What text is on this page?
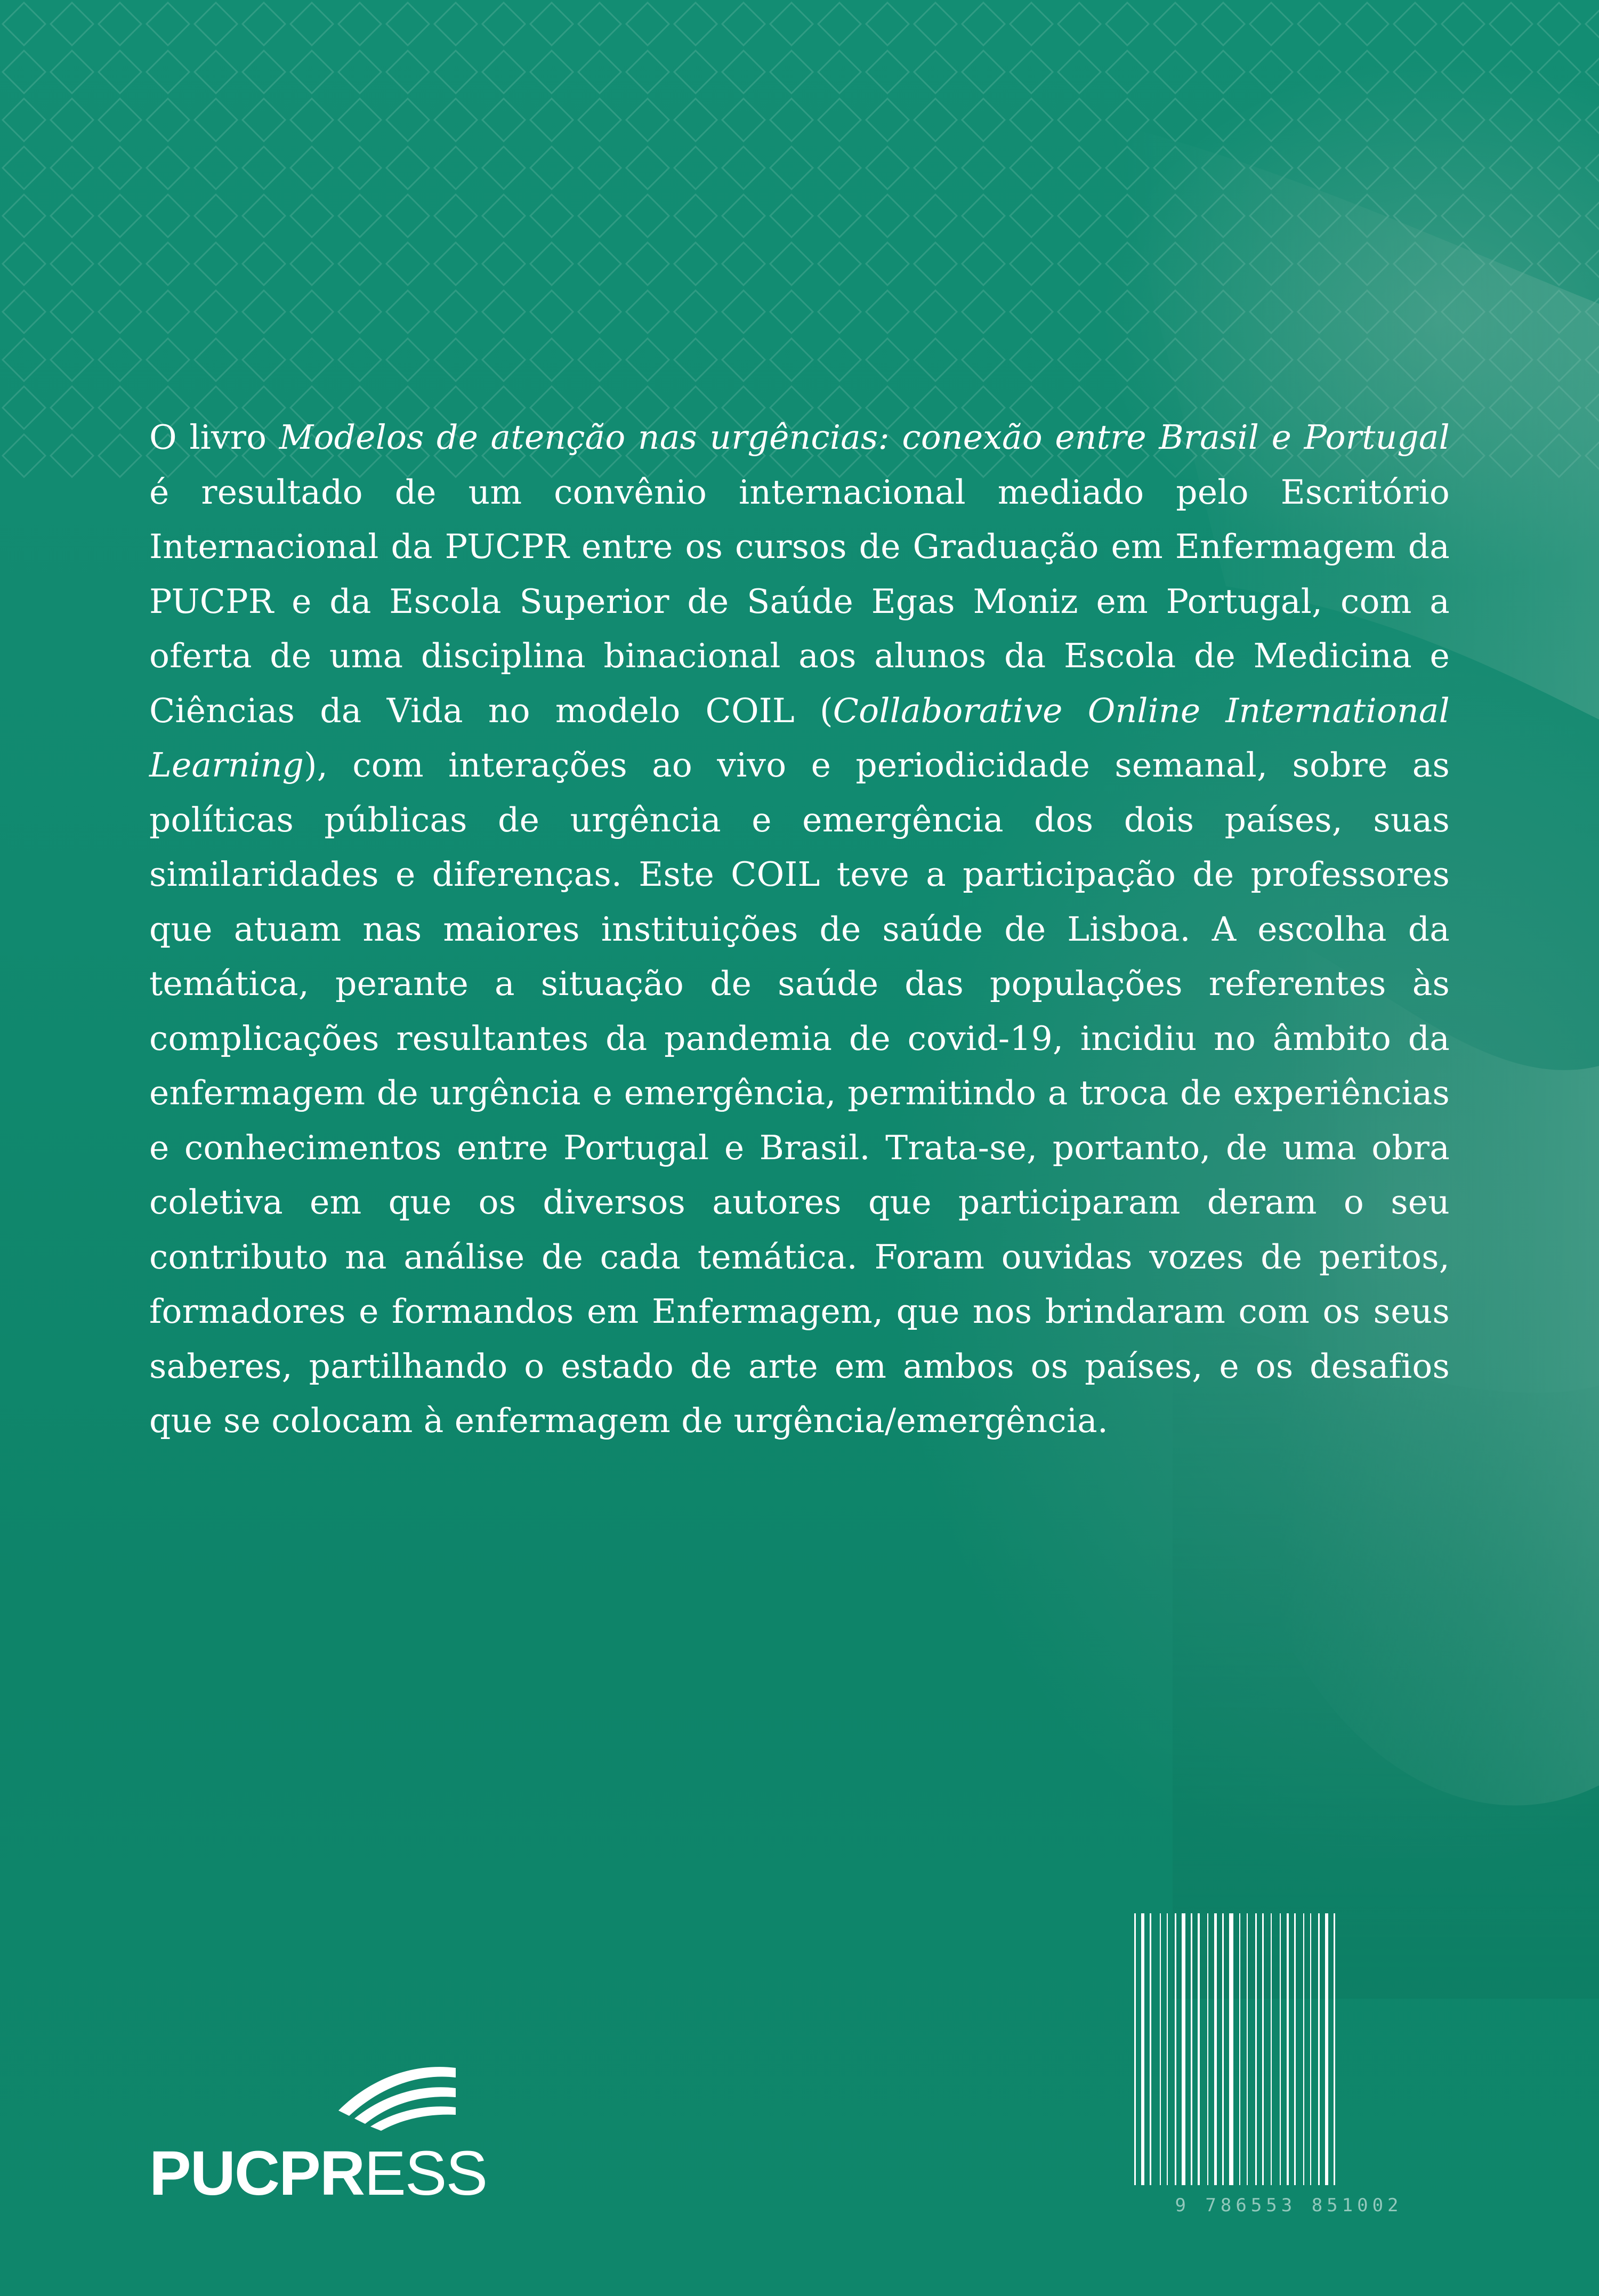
O livro Modelos de atenção nas urgências: conexão entre Brasil e Portugal é resultado de um convênio internacional mediado pelo Escritório Internacional da PUCPR entre os cursos de Graduação em Enfermagem da PUCPR e da Escola Superior de Saúde Egas Moniz em Portugal, com a oferta de uma disciplina binacional aos alunos da Escola de Medicina e Ciências da Vida no modelo COIL (Collaborative Online International Learning), com interações ao vivo e periodicidade semanal, sobre as políticas públicas de urgência e emergência dos dois países, suas similaridades e diferenças. Este COIL teve a participação de professores que atuam nas maiores instituições de saúde de Lisboa. A escolha da temática, perante a situação de saúde das populações referentes às complicações resultantes da pandemia de covid-19, incidiu no âmbito da enfermagem de urgência e emergência, permitindo a troca de experiências e conhecimentos entre Portugal e Brasil. Trata-se, portanto, de uma obra coletiva em que os diversos autores que participaram deram o seu contributo na análise de cada temática. Foram ouvidas vozes de peritos, formadores e formandos em Enfermagem, que nos brindaram com os seus saberes, partilhando o estado de arte em ambos os países, e os desafios que se colocam à enfermagem de urgência/emergência.
9 786553 851002
PUCPRESS
